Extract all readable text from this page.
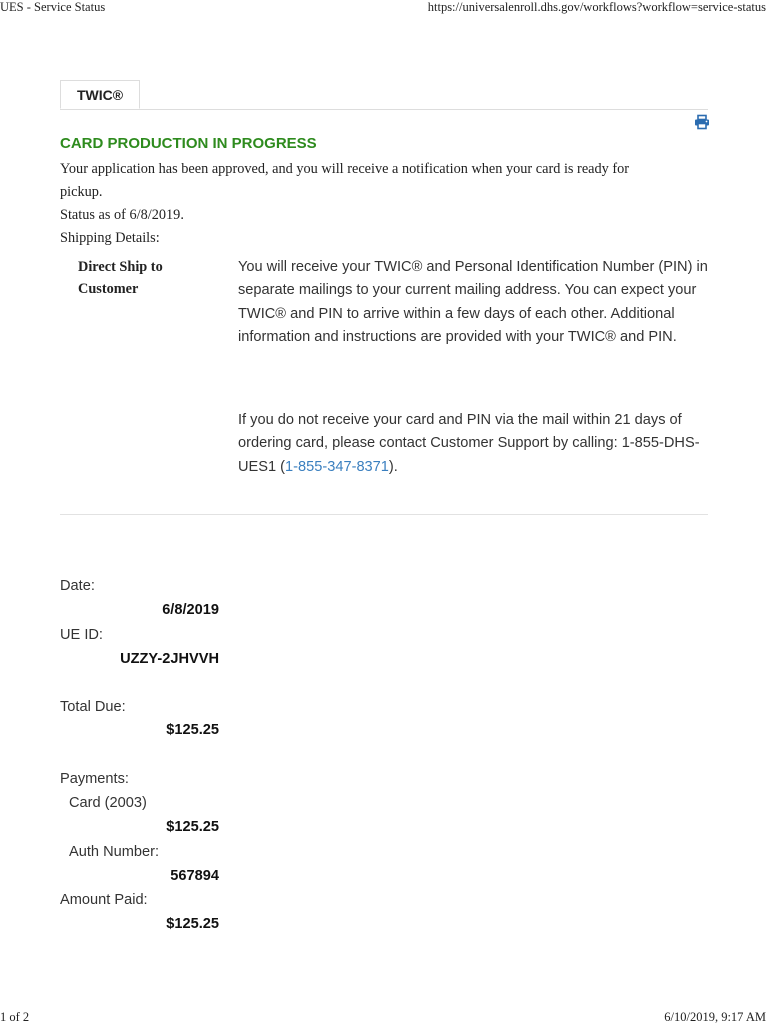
UES - Service Status	https://universalenroll.dhs.gov/workflows?workflow=service-status
TWIC®
CARD PRODUCTION IN PROGRESS
Your application has been approved, and you will receive a notification when your card is ready for pickup.
Status as of 6/8/2019.
Shipping Details:
Direct Ship to Customer
You will receive your TWIC® and Personal Identification Number (PIN) in separate mailings to your current mailing address. You can expect your TWIC® and PIN to arrive within a few days of each other. Additional information and instructions are provided with your TWIC® and PIN.
If you do not receive your card and PIN via the mail within 21 days of ordering card, please contact Customer Support by calling: 1-855-DHS-UES1 (1-855-347-8371).
Date:
6/8/2019
UE ID:
UZZY-2JHVVH
Total Due:
$125.25
Payments:
Card (2003)
$125.25
Auth Number:
567894
Amount Paid:
$125.25
1 of 2	6/10/2019, 9:17 AM
